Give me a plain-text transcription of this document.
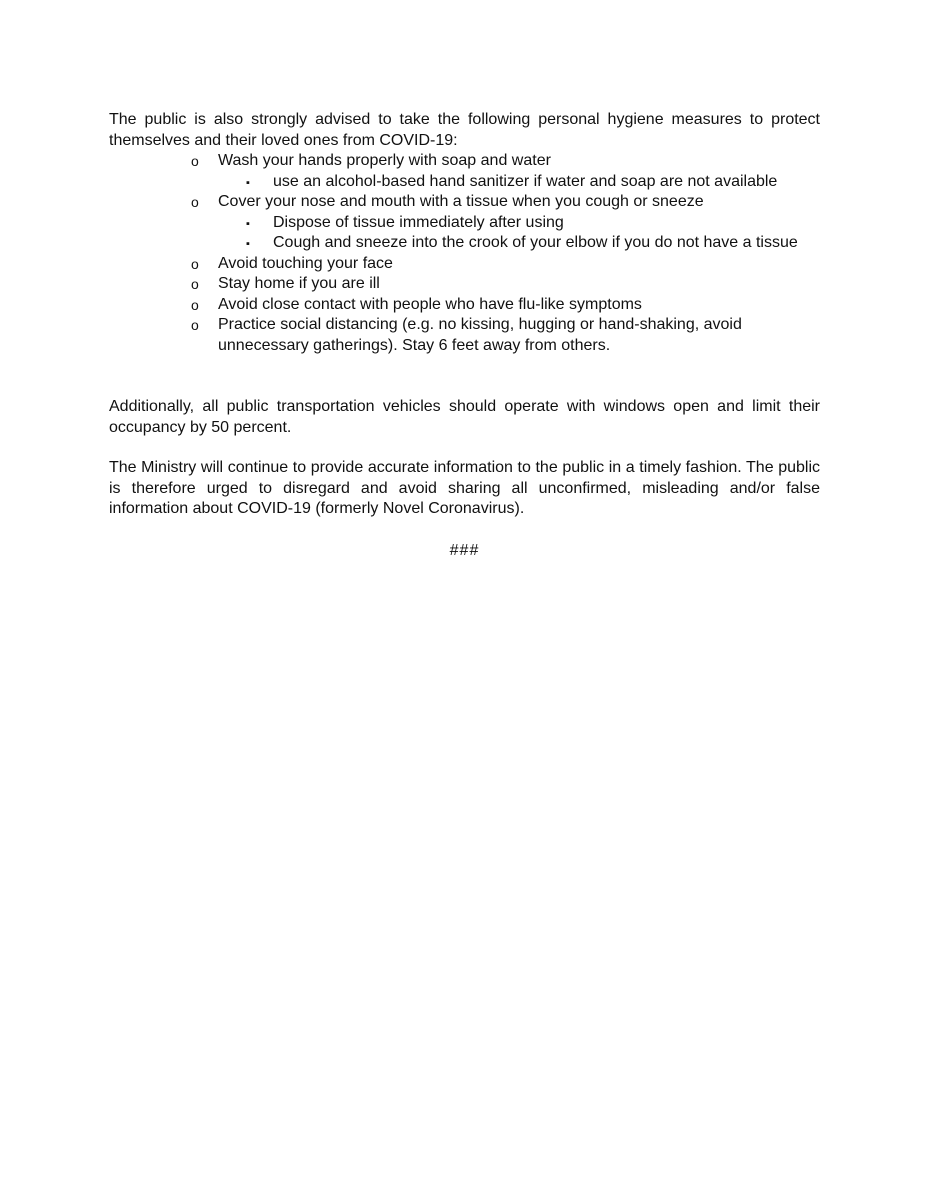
The public is also strongly advised to take the following personal hygiene measures to protect themselves and their loved ones from COVID-19:

o Wash your hands properly with soap and water
▪ use an alcohol-based hand sanitizer if water and soap are not available
o Cover your nose and mouth with a tissue when you cough or sneeze
▪ Dispose of tissue immediately after using
▪ Cough and sneeze into the crook of your elbow if you do not have a tissue
o Avoid touching your face
o Stay home if you are ill
o Avoid close contact with people who have flu-like symptoms
o Practice social distancing (e.g. no kissing, hugging or hand-shaking, avoid unnecessary gatherings). Stay 6 feet away from others.

Additionally, all public transportation vehicles should operate with windows open and limit their occupancy by 50 percent.

The Ministry will continue to provide accurate information to the public in a timely fashion. The public is therefore urged to disregard and avoid sharing all unconfirmed, misleading and/or false information about COVID-19 (formerly Novel Coronavirus).

###
